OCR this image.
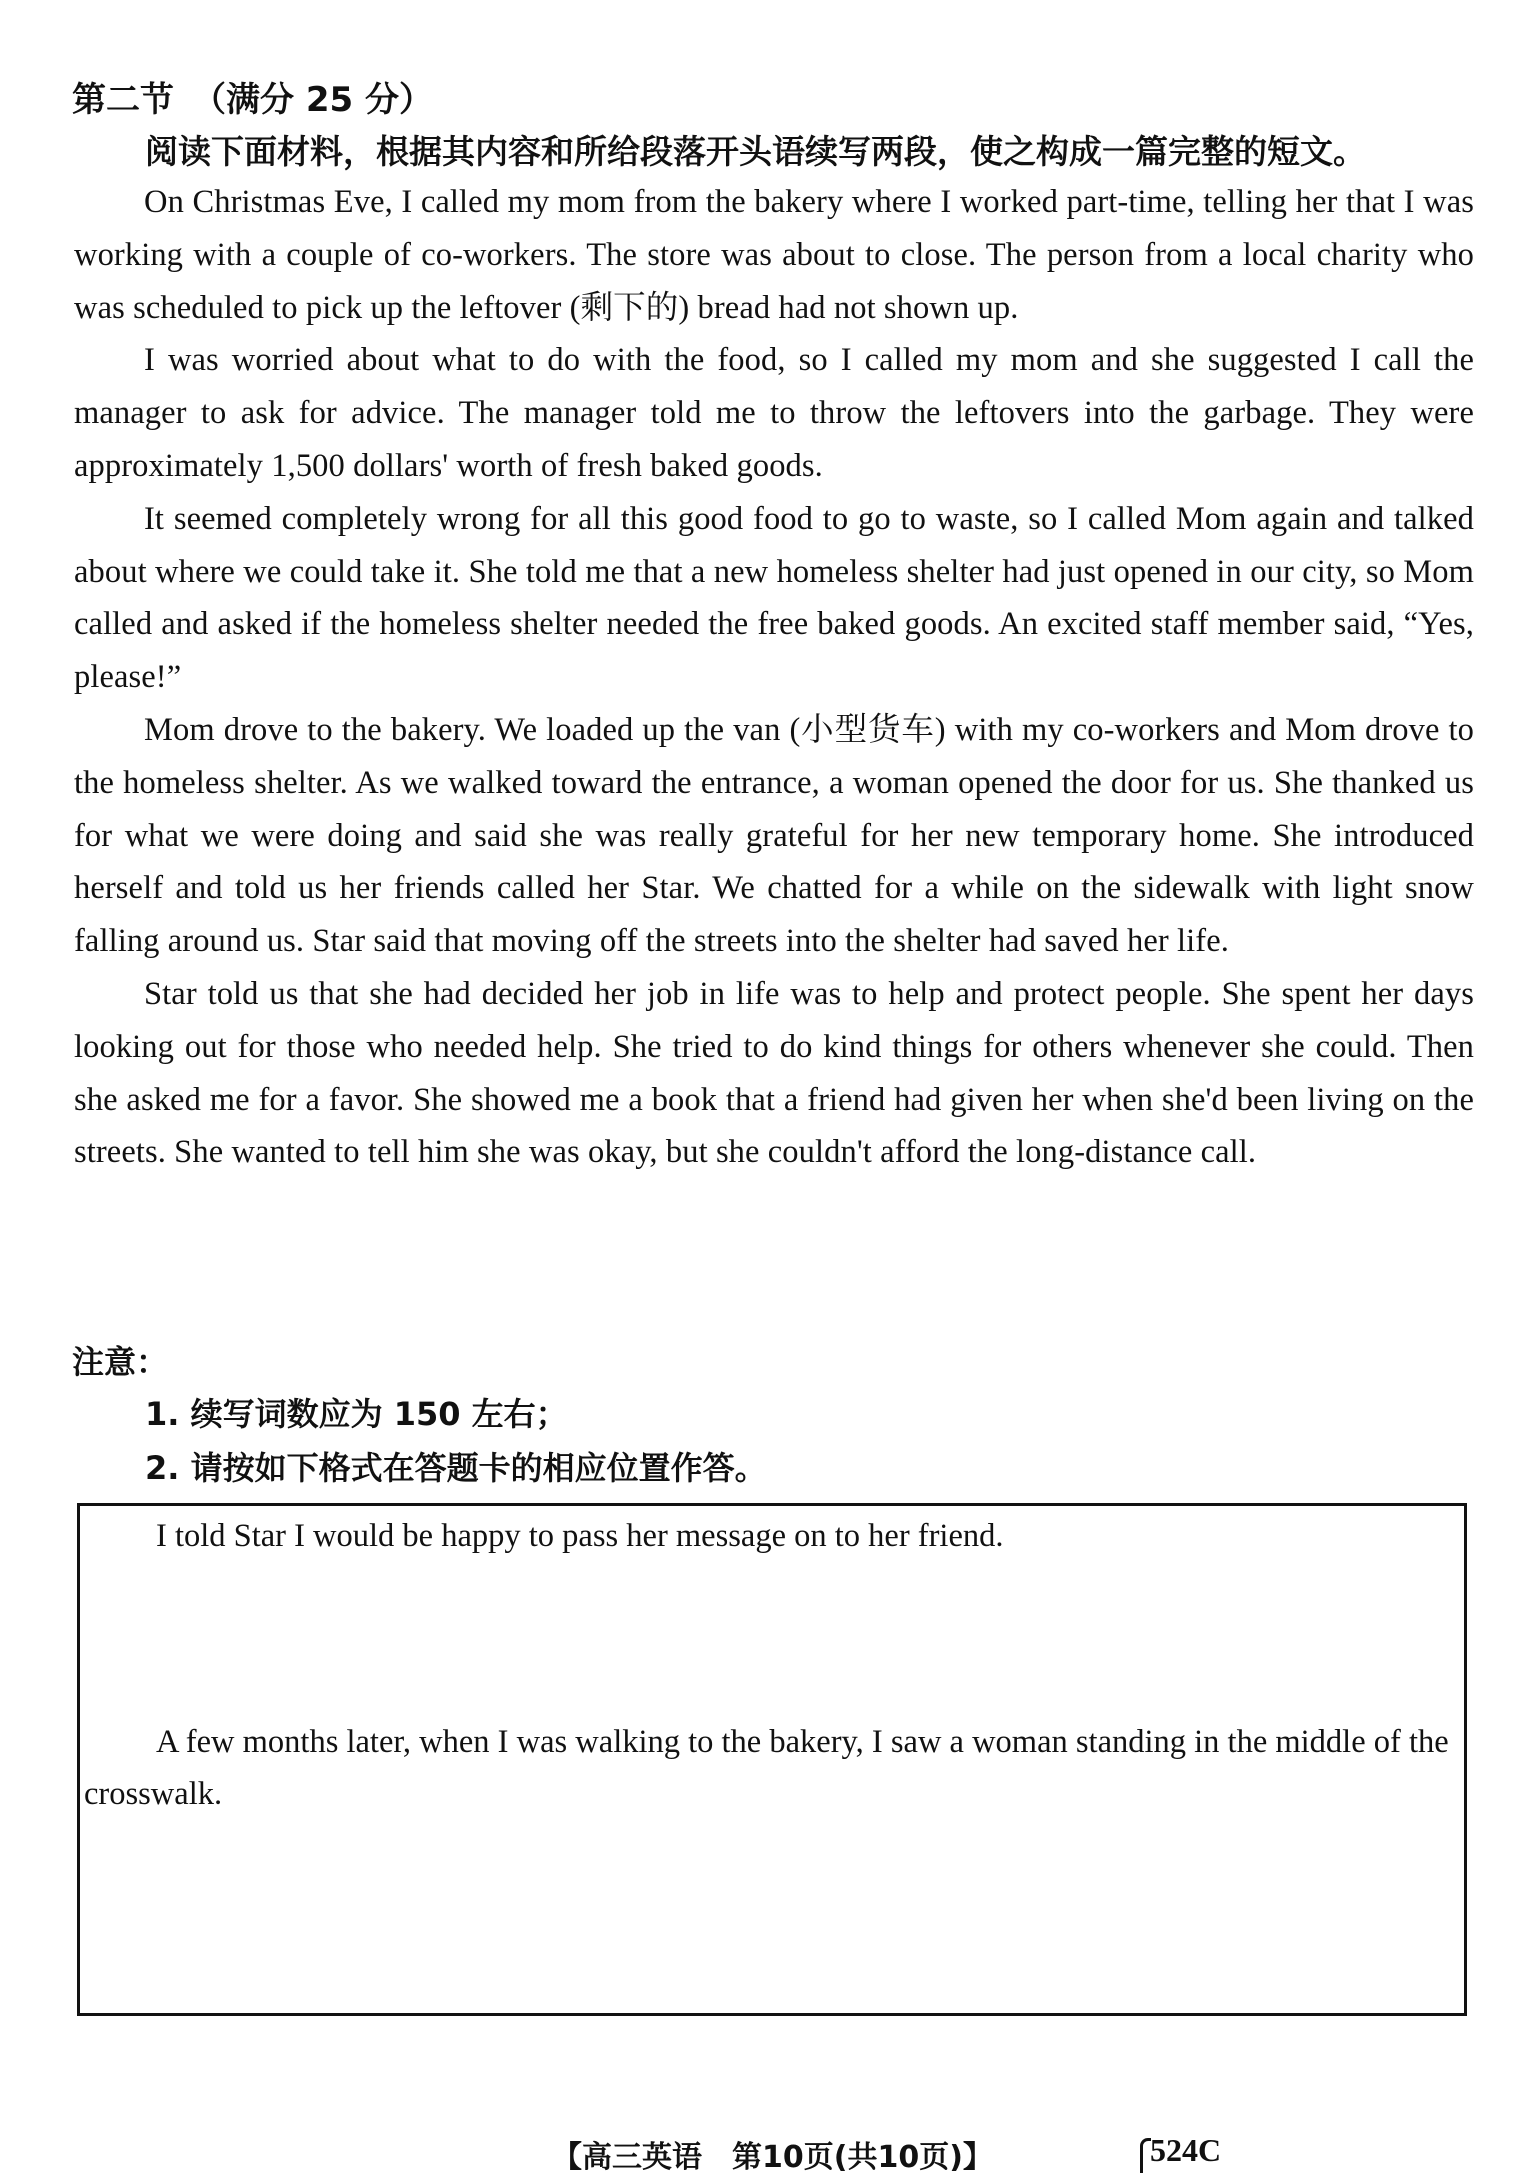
第二节 （满分 25 分）
阅读下面材料，根据其内容和所给段落开头语续写两段，使之构成一篇完整的短文。

On Christmas Eve, I called my mom from the bakery where I worked part-time, telling her that I was working with a couple of co-workers. The store was about to close. The person from a local charity who was scheduled to pick up the leftover (剩下的) bread had not shown up.

I was worried about what to do with the food, so I called my mom and she suggested I call the manager to ask for advice. The manager told me to throw the leftovers into the garbage. They were approximately 1,500 dollars' worth of fresh baked goods.

It seemed completely wrong for all this good food to go to waste, so I called Mom again and talked about where we could take it. She told me that a new homeless shelter had just opened in our city, so Mom called and asked if the homeless shelter needed the free baked goods. An excited staff member said, “Yes, please!”

Mom drove to the bakery. We loaded up the van (小型货车) with my co-workers and Mom drove to the homeless shelter. As we walked toward the entrance, a woman opened the door for us. She thanked us for what we were doing and said she was really grateful for her new temporary home. She introduced herself and told us her friends called her Star. We chatted for a while on the sidewalk with light snow falling around us. Star said that moving off the streets into the shelter had saved her life.

Star told us that she had decided her job in life was to help and protect people. She spent her days looking out for those who needed help. She tried to do kind things for others whenever she could. Then she asked me for a favor. She showed me a book that a friend had given her when she'd been living on the streets. She wanted to tell him she was okay, but she couldn't afford the long-distance call.

注意：
1. 续写词数应为 150 左右；
2. 请按如下格式在答题卡的相应位置作答。

I told Star I would be happy to pass her message on to her friend.

A few months later, when I was walking to the bakery, I saw a woman standing in the middle of the crosswalk.

【高三英语　第10页(共10页)】	524C
